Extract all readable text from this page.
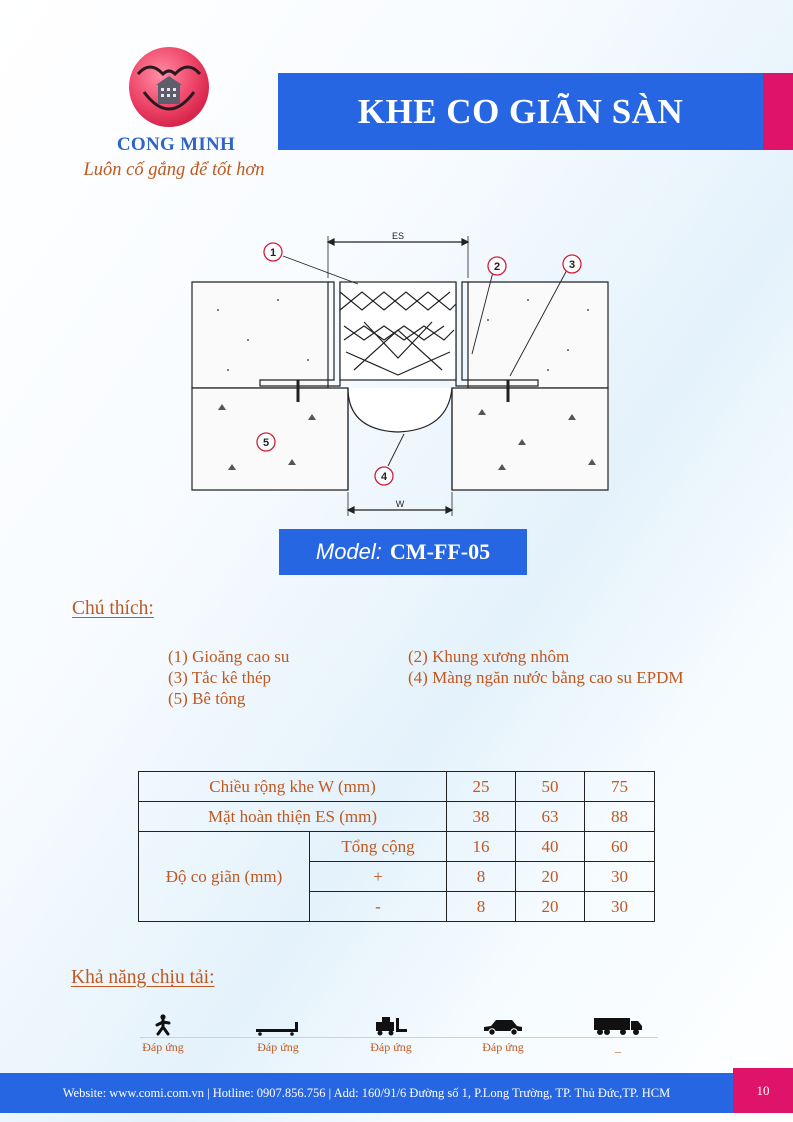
CONG MINH
Luôn cố gắng để tốt hơn
KHE CO GIÃN SÀN
ES
W
1
2	3
4
5
Model: CM-FF-05
Chú thích:
(1) Gioăng cao su	(2) Khung xương nhôm
(3) Tắc kê thép	(4) Màng ngăn nước bằng cao su EPDM
(5) Bê tông
Chiều rộng khe W (mm)		25	50	75
Mặt hoàn thiện ES (mm)		38	63	88
Độ co giãn (mm)	Tổng cộng	16	40	60
	+	8	20	30
	-	8	20	30
Khả năng chịu tải:
Đáp ứng	Đáp ứng	Đáp ứng	Đáp ứng	_
Website: www.comi.com.vn | Hotline: 0907.856.756 | Add: 160/91/6 Đường số 1, P.Long Trường, TP. Thủ Đức,TP. HCM	10
